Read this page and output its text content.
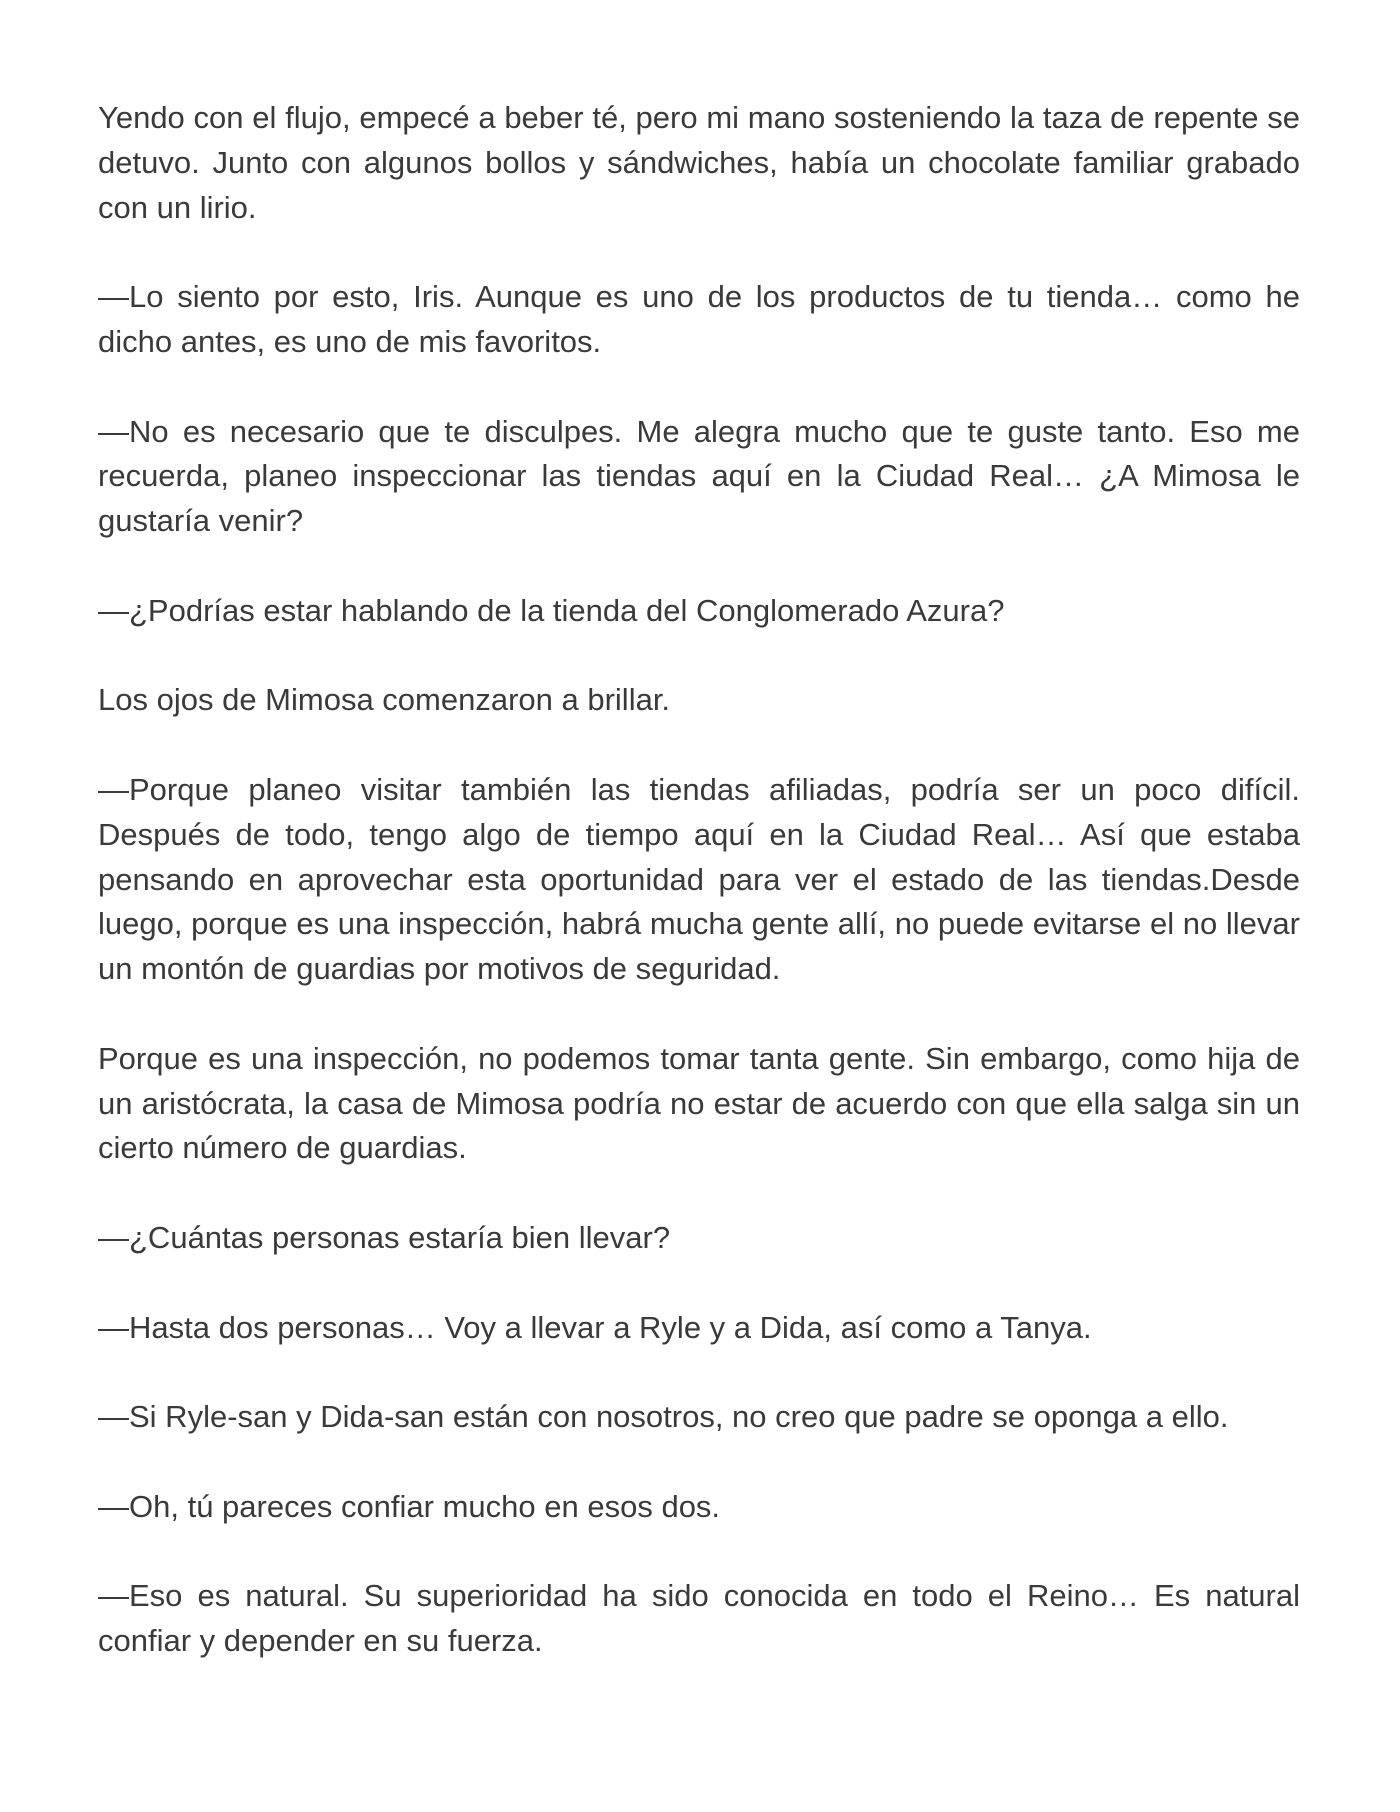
Yendo con el flujo, empecé a beber té, pero mi mano sosteniendo la taza de repente se detuvo. Junto con algunos bollos y sándwiches, había un chocolate familiar grabado con un lirio.

—Lo siento por esto, Iris. Aunque es uno de los productos de tu tienda… como he dicho antes, es uno de mis favoritos.

—No es necesario que te disculpes. Me alegra mucho que te guste tanto. Eso me recuerda, planeo inspeccionar las tiendas aquí en la Ciudad Real… ¿A Mimosa le gustaría venir?

—¿Podrías estar hablando de la tienda del Conglomerado Azura?

Los ojos de Mimosa comenzaron a brillar.

—Porque planeo visitar también las tiendas afiliadas, podría ser un poco difícil. Después de todo, tengo algo de tiempo aquí en la Ciudad Real… Así que estaba pensando en aprovechar esta oportunidad para ver el estado de las tiendas.Desde luego, porque es una inspección, habrá mucha gente allí, no puede evitarse el no llevar un montón de guardias por motivos de seguridad.

Porque es una inspección, no podemos tomar tanta gente. Sin embargo, como hija de un aristócrata, la casa de Mimosa podría no estar de acuerdo con que ella salga sin un cierto número de guardias.

—¿Cuántas personas estaría bien llevar?

—Hasta dos personas… Voy a llevar a Ryle y a Dida, así como a Tanya.

—Si Ryle-san y Dida-san están con nosotros, no creo que padre se oponga a ello.

—Oh, tú pareces confiar mucho en esos dos.

—Eso es natural. Su superioridad ha sido conocida en todo el Reino… Es natural confiar y depender en su fuerza.
